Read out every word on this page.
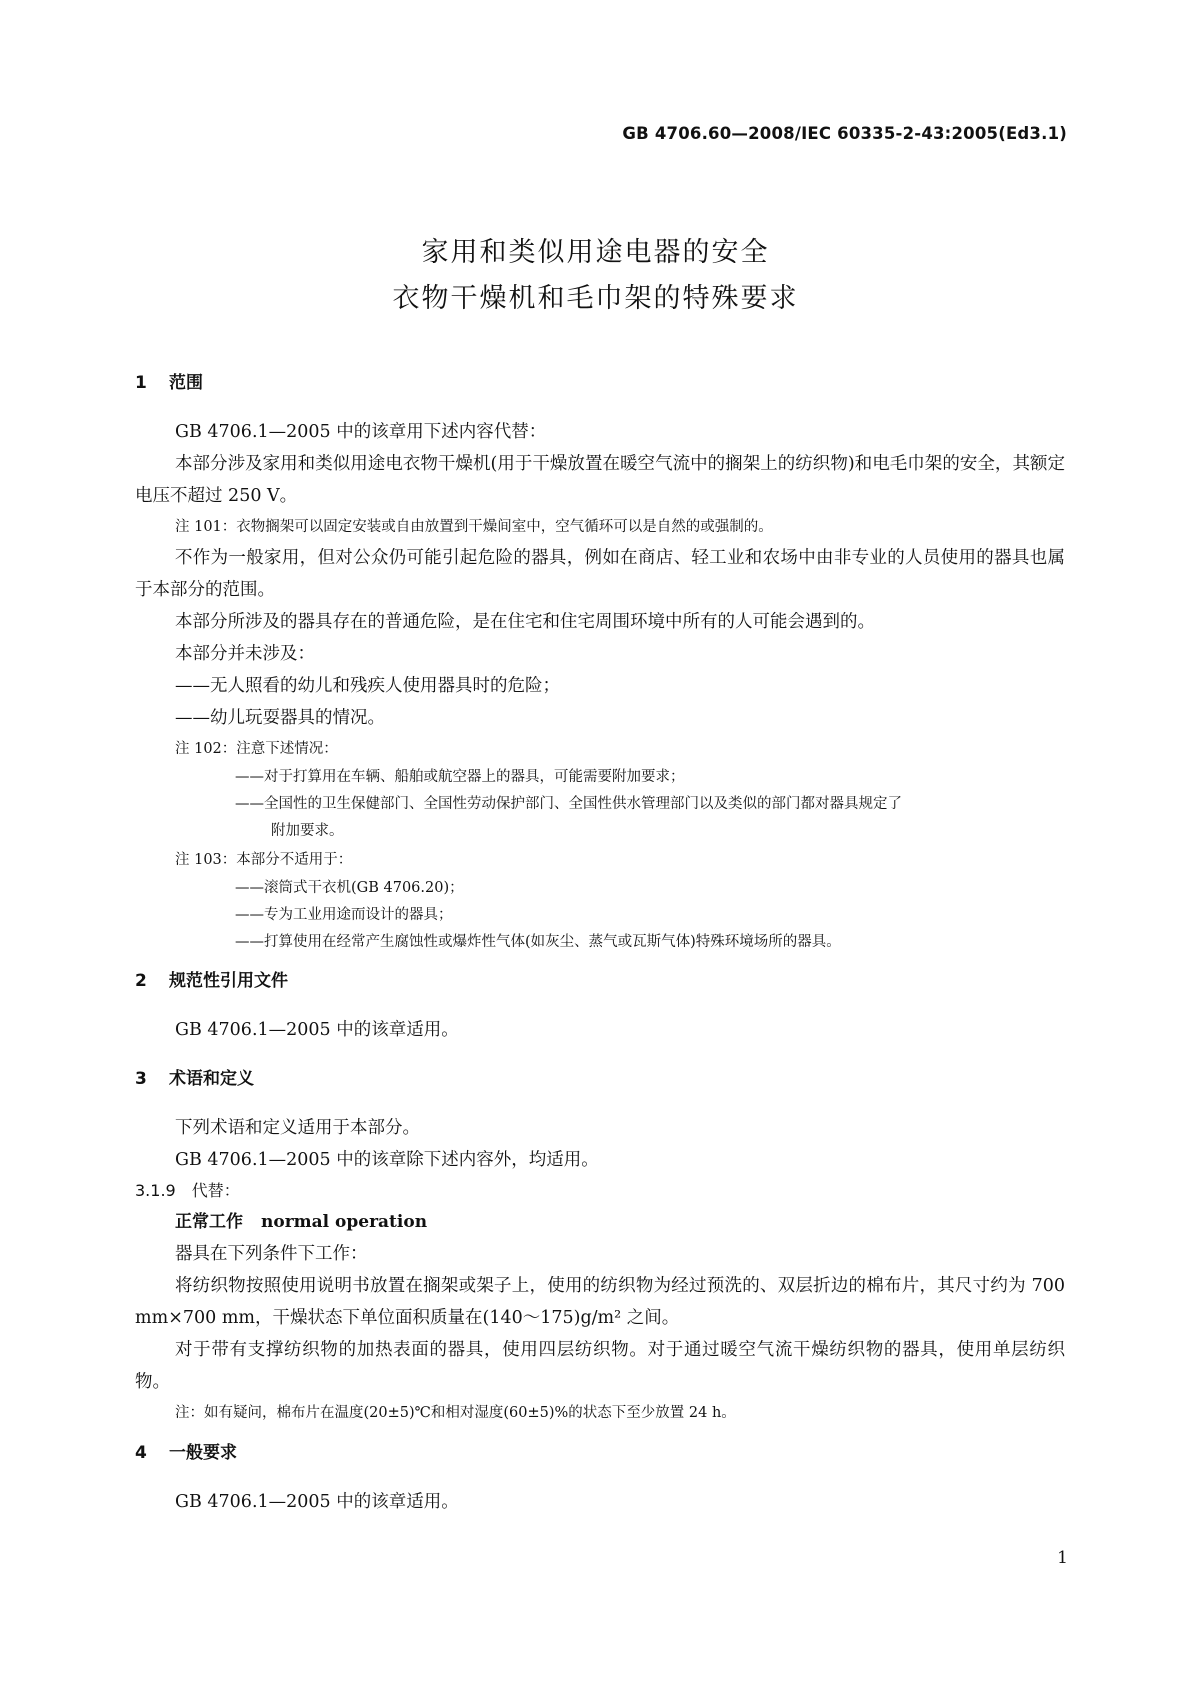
GB 4706.60—2008/IEC 60335-2-43:2005(Ed3.1)
家用和类似用途电器的安全
衣物干燥机和毛巾架的特殊要求
1 范围

GB 4706.1—2005 中的该章用下述内容代替：

本部分涉及家用和类似用途电衣物干燥机(用于干燥放置在暖空气流中的搁架上的纺织物)和电毛巾架的安全，其额定电压不超过 250 V。

注 101：衣物搁架可以固定安装或自由放置到干燥间室中，空气循环可以是自然的或强制的。

不作为一般家用，但对公众仍可能引起危险的器具，例如在商店、轻工业和农场中由非专业的人员使用的器具也属于本部分的范围。

本部分所涉及的器具存在的普通危险，是在住宅和住宅周围环境中所有的人可能会遇到的。

本部分并未涉及：

——无人照看的幼儿和残疾人使用器具时的危险；

——幼儿玩耍器具的情况。

注 102：注意下述情况：

——对于打算用在车辆、船舶或航空器上的器具，可能需要附加要求；

——全国性的卫生保健部门、全国性劳动保护部门、全国性供水管理部门以及类似的部门都对器具规定了

附加要求。

注 103：本部分不适用于：

——滚筒式干衣机(GB 4706.20)；

——专为工业用途而设计的器具；

——打算使用在经常产生腐蚀性或爆炸性气体(如灰尘、蒸气或瓦斯气体)特殊环境场所的器具。

2 规范性引用文件

GB 4706.1—2005 中的该章适用。

3 术语和定义

下列术语和定义适用于本部分。

GB 4706.1—2005 中的该章除下述内容外，均适用。

3.1.9　代替：

正常工作 normal operation

器具在下列条件下工作：

将纺织物按照使用说明书放置在搁架或架子上，使用的纺织物为经过预洗的、双层折边的棉布片，其尺寸约为 700 mm×700 mm，干燥状态下单位面积质量在(140～175)g/m² 之间。

对于带有支撑纺织物的加热表面的器具，使用四层纺织物。对于通过暖空气流干燥纺织物的器具，使用单层纺织物。

注：如有疑问，棉布片在温度(20±5)℃和相对湿度(60±5)%的状态下至少放置 24 h。

4 一般要求

GB 4706.1—2005 中的该章适用。

1
